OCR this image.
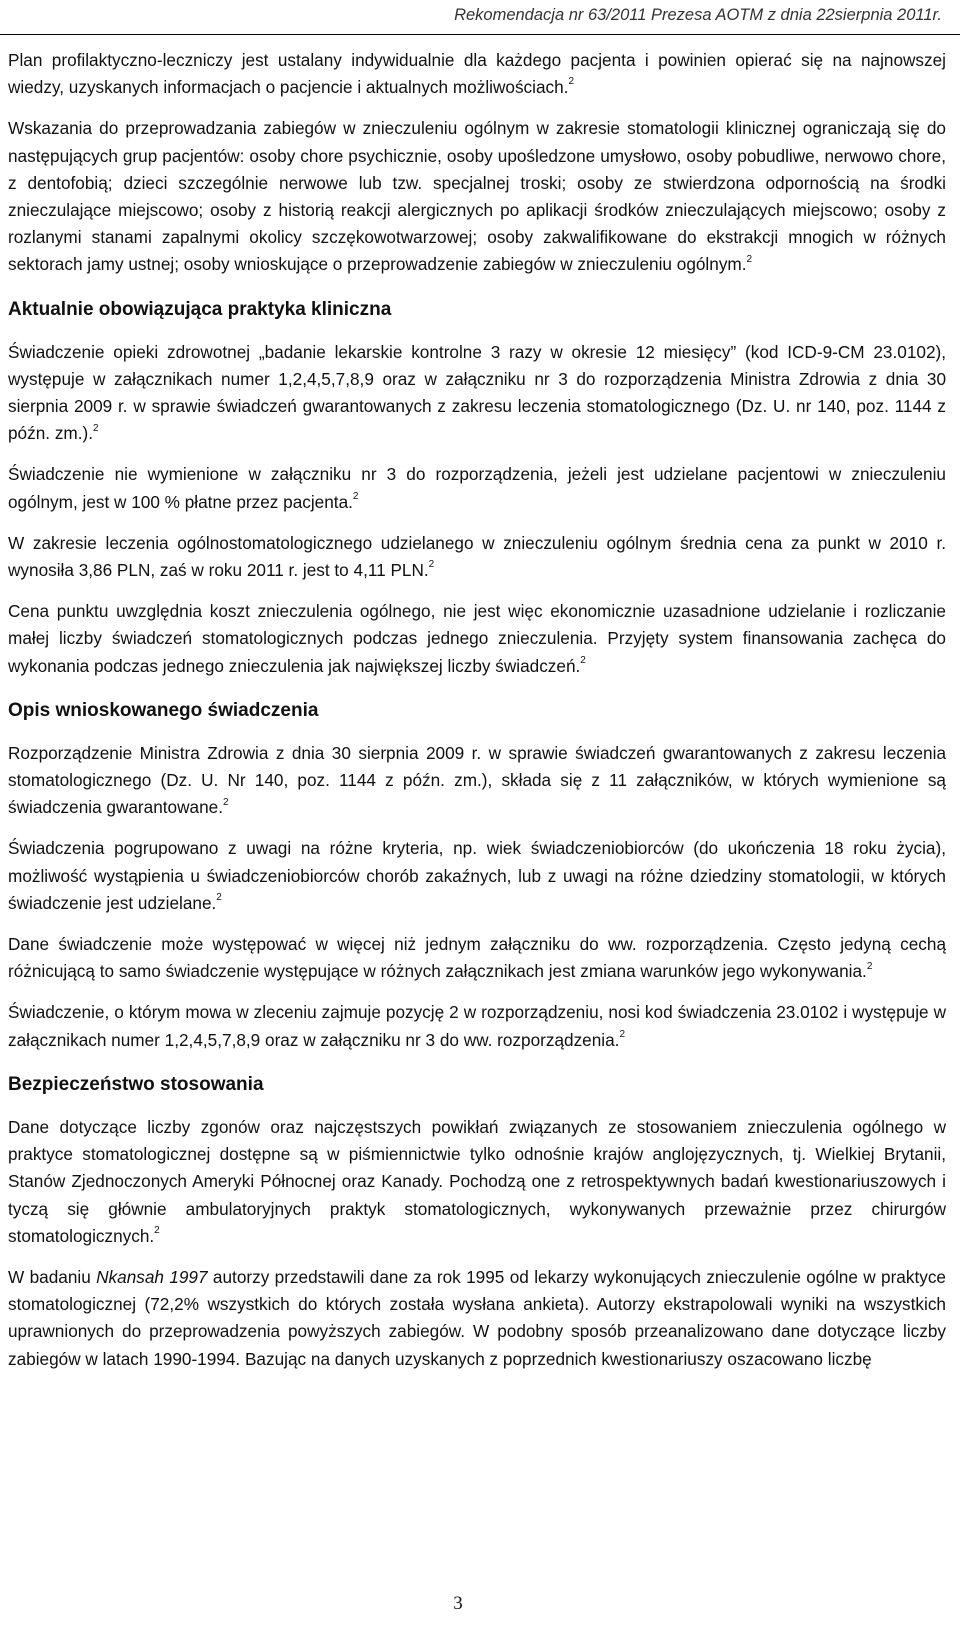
Rekomendacja nr 63/2011 Prezesa AOTM z dnia 22sierpnia 2011r.

Plan profilaktyczno-leczniczy jest ustalany indywidualnie dla każdego pacjenta i powinien opierać się na najnowszej wiedzy, uzyskanych informacjach o pacjencie i aktualnych możliwościach.$^2$

Wskazania do przeprowadzania zabiegów w znieczuleniu ogólnym w zakresie stomatologii klinicznej ograniczają się do następujących grup pacjentów: osoby chore psychicznie, osoby upośledzone umysłowo, osoby pobudliwe, nerwowo chore, z dentofobią; dzieci szczególnie nerwowe lub tzw. specjalnej troski; osoby ze stwierdzona odpornością na środki znieczulające miejscowo; osoby z historią reakcji alergicznych po aplikacji środków znieczulających miejscowo; osoby z rozlanymi stanami zapalnymi okolicy szczękowotwarzowej; osoby zakwalifikowane do ekstrakcji mnogich w różnych sektorach jamy ustnej; osoby wnioskujące o przeprowadzenie zabiegów w znieczuleniu ogólnym.$^2$

Aktualnie obowiązująca praktyka kliniczna

Świadczenie opieki zdrowotnej „badanie lekarskie kontrolne 3 razy w okresie 12 miesięcy” (kod ICD-9-CM 23.0102), występuje w załącznikach numer 1,2,4,5,7,8,9 oraz w załączniku nr 3 do rozporządzenia Ministra Zdrowia z dnia 30 sierpnia 2009 r. w sprawie świadczeń gwarantowanych z zakresu leczenia stomatologicznego (Dz. U. nr 140, poz. 1144 z późn. zm.).$^2$

Świadczenie nie wymienione w załączniku nr 3 do rozporządzenia, jeżeli jest udzielane pacjentowi w znieczuleniu ogólnym, jest w 100 % płatne przez pacjenta.$^2$

W zakresie leczenia ogólnostomatologicznego udzielanego w znieczuleniu ogólnym średnia cena za punkt w 2010 r. wynosiła 3,86 PLN, zaś w roku 2011 r. jest to 4,11 PLN.$^2$

Cena punktu uwzględnia koszt znieczulenia ogólnego, nie jest więc ekonomicznie uzasadnione udzielanie i rozliczanie małej liczby świadczeń stomatologicznych podczas jednego znieczulenia. Przyjęty system finansowania zachęca do wykonania podczas jednego znieczulenia jak największej liczby świadczeń.$^2$

Opis wnioskowanego świadczenia

Rozporządzenie Ministra Zdrowia z dnia 30 sierpnia 2009 r. w sprawie świadczeń gwarantowanych z zakresu leczenia stomatologicznego (Dz. U. Nr 140, poz. 1144 z późn. zm.), składa się z 11 załączników, w których wymienione są świadczenia gwarantowane.$^2$

Świadczenia pogrupowano z uwagi na różne kryteria, np. wiek świadczeniobiorców (do ukończenia 18 roku życia), możliwość wystąpienia u świadczeniobiorców chorób zakaźnych, lub z uwagi na różne dziedziny stomatologii, w których świadczenie jest udzielane.$^2$

Dane świadczenie może występować w więcej niż jednym załączniku do ww. rozporządzenia. Często jedyną cechą różnicującą to samo świadczenie występujące w różnych załącznikach jest zmiana warunków jego wykonywania.$^2$

Świadczenie, o którym mowa w zleceniu zajmuje pozycję 2 w rozporządzeniu, nosi kod świadczenia 23.0102 i występuje w załącznikach numer 1,2,4,5,7,8,9 oraz w załączniku nr 3 do ww. rozporządzenia.$^2$

Bezpieczeństwo stosowania

Dane dotyczące liczby zgonów oraz najczęstszych powikłań związanych ze stosowaniem znieczulenia ogólnego w praktyce stomatologicznej dostępne są w piśmiennictwie tylko odnośnie krajów anglojęzycznych, tj. Wielkiej Brytanii, Stanów Zjednoczonych Ameryki Północnej oraz Kanady. Pochodzą one z retrospektywnych badań kwestionariuszowych i tyczą się głównie ambulatoryjnych praktyk stomatologicznych, wykonywanych przeważnie przez chirurgów stomatologicznych.$^2$

W badaniu Nkansah 1997 autorzy przedstawili dane za rok 1995 od lekarzy wykonujących znieczulenie ogólne w praktyce stomatologicznej (72,2% wszystkich do których została wysłana ankieta). Autorzy ekstrapolowali wyniki na wszystkich uprawnionych do przeprowadzenia powyższych zabiegów. W podobny sposób przeanalizowano dane dotyczące liczby zabiegów w latach 1990-1994. Bazując na danych uzyskanych z poprzednich kwestionariuszy oszacowano liczbę

3
